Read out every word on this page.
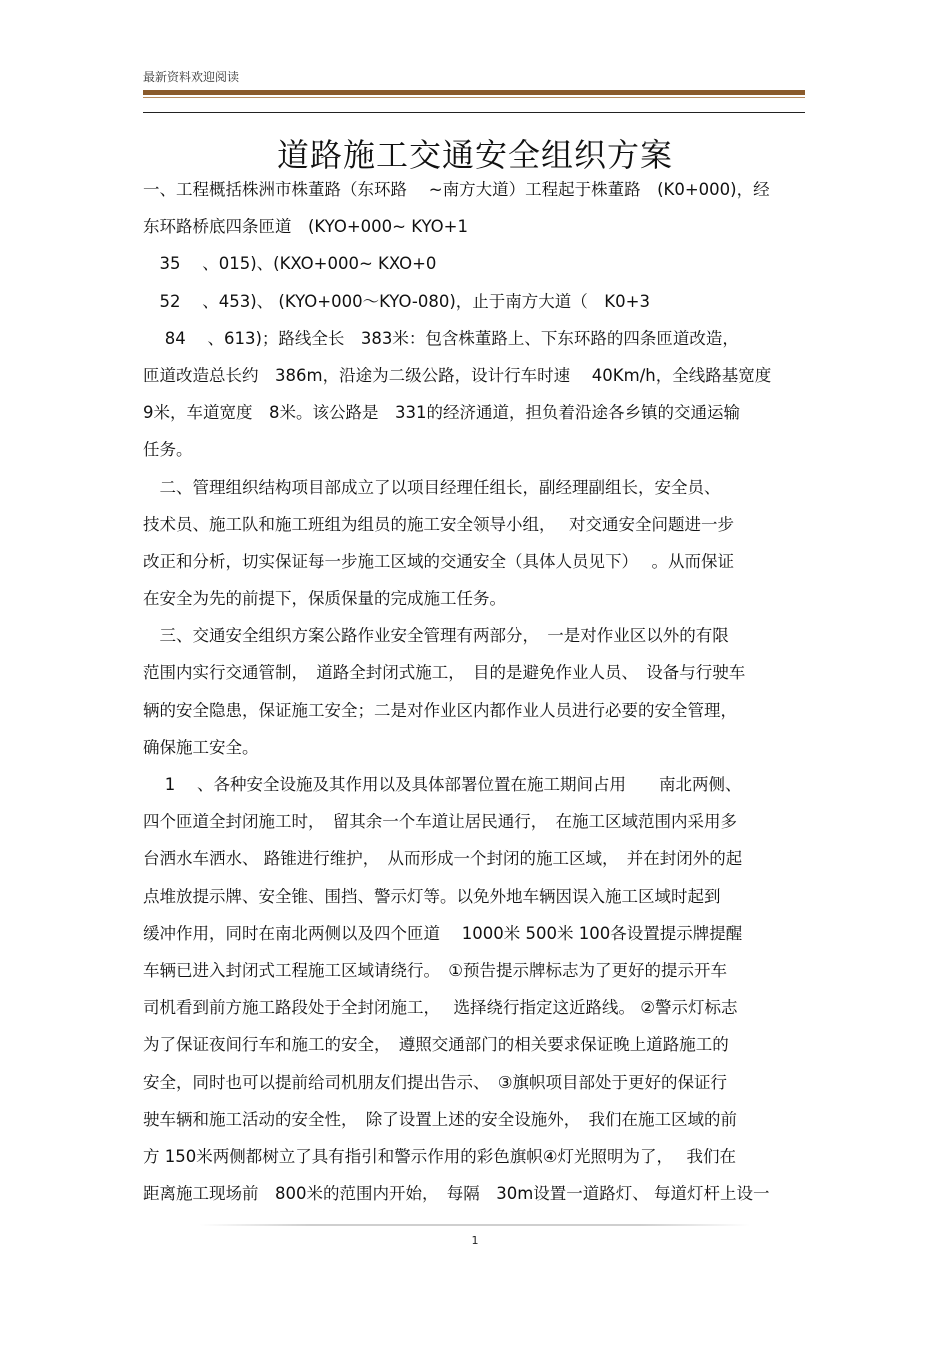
最新资料欢迎阅读
道路施工交通安全组织方案
一、工程概括株洲市株董路（东环路　 ~南方大道）工程起于株董路　(K0+000)，经
东环路桥底四条匝道　(KYO+000~ KYO+1
　35　 、015)、(KXO+000~ KXO+0
　52　 、453)、 (KYO+000～KYO-080)，止于南方大道（　K0+3
　 84　 、613)；路线全长　383米：包含株董路上、下东环路的四条匝道改造，
匝道改造总长约　386m，沿途为二级公路，设计行车时速　 40Km/h，全线路基宽度
9米，车道宽度　8米。该公路是　331的经济通道，担负着沿途各乡镇的交通运输
任务。
　二、管理组织结构项目部成立了以项目经理任组长，副经理副组长，安全员、
技术员、施工队和施工班组为组员的施工安全领导小组，　 对交通安全问题进一步
改正和分析，切实保证每一步施工区域的交通安全（具体人员见下）　 。从而保证
在安全为先的前提下，保质保量的完成施工任务。
　三、交通安全组织方案公路作业安全管理有两部分，　一是对作业区以外的有限
范围内实行交通管制，　道路全封闭式施工，　目的是避免作业人员、　设备与行驶车
辆的安全隐患，保证施工安全；二是对作业区内都作业人员进行必要的安全管理，
确保施工安全。
　 1　 、各种安全设施及其作用以及具体部署位置在施工期间占用　　南北两侧、
四个匝道全封闭施工时，　留其余一个车道让居民通行，　在施工区域范围内采用多
台洒水车洒水、 路锥进行维护，　从而形成一个封闭的施工区域，　并在封闭外的起
点堆放提示牌、安全锥、围挡、警示灯等。以免外地车辆因误入施工区域时起到
缓冲作用，同时在南北两侧以及四个匝道　 1000米 500米 100各设置提示牌提醒
车辆已进入封闭式工程施工区域请绕行。　①预告提示牌标志为了更好的提示开车
司机看到前方施工路段处于全封闭施工，　 选择绕行指定这近路线。 ②警示灯标志
为了保证夜间行车和施工的安全，　遵照交通部门的相关要求保证晚上道路施工的
安全，同时也可以提前给司机朋友们提出告示、　③旗帜项目部处于更好的保证行
驶车辆和施工活动的安全性，　除了设置上述的安全设施外，　我们在施工区域的前
方 150米两侧都树立了具有指引和警示作用的彩色旗帜④灯光照明为了，　 我们在
距离施工现场前　800米的范围内开始，　每隔　30m设置一道路灯、 每道灯杆上设一
1
